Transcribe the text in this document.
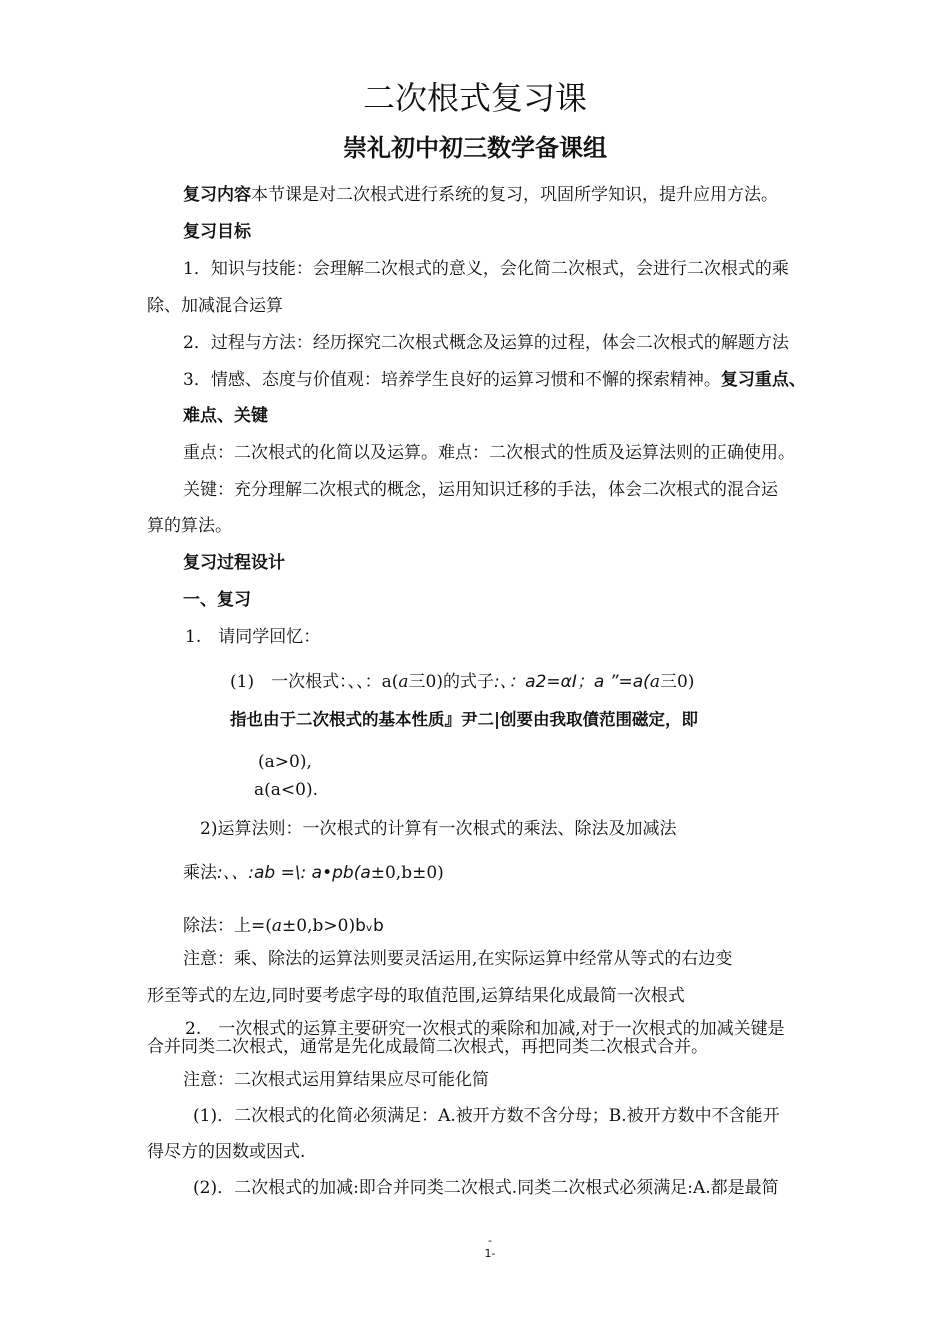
二次根式复习课
崇礼初中初三数学备课组
复习内容本节课是对二次根式进行系统的复习，巩固所学知识，提升应用方法。
复习目标
1．知识与技能：会理解二次根式的意义，会化简二次根式，会进行二次根式的乘
除、加减混合运算
2．过程与方法：经历探究二次根式概念及运算的过程，体会二次根式的解题方法
3．情感、态度与价值观：培养学生良好的运算习惯和不懈的探索精神。复习重点、
难点、关键
重点：二次根式的化简以及运算。难点：二次根式的性质及运算法则的正确使用。
关键：充分理解二次根式的概念，运用知识迁移的手法，体会二次根式的混合运
算的算法。
复习过程设计
一、复习
1.　请同学回忆：
(1)　一次根式：、、：a(a三0)的式子:、：a2=αI；a ”=a(a三0)
指也由于二次根式的基本性质』尹二|创要由我取僨范围磁定，即
(a>0),
a(a<0).
2)运算法则：一次根式的计算有一次根式的乘法、除法及加减法
乘法:、、:ab =\: a•pb(a±0,b±0)
除法：上=(a±0,b>0)bᵥb
注意：乘、除法的运算法则要灵活运用,在实际运算中经常从等式的右边变
形至等式的左边,同时要考虑字母的取值范围,运算结果化成最简一次根式
2.　一次根式的运算主要研究一次根式的乘除和加减,对于一次根式的加减关键是
合并同类二次根式，通常是先化成最简二次根式，再把同类二次根式合并。
注意：二次根式运用算结果应尽可能化简
(1)．二次根式的化简必须满足：A.被开方数不含分母；B.被开方数中不含能开
得尽方的因数或因式.
(2)．二次根式的加减:即合并同类二次根式.同类二次根式必须满足:A.都是最简
-
1-
